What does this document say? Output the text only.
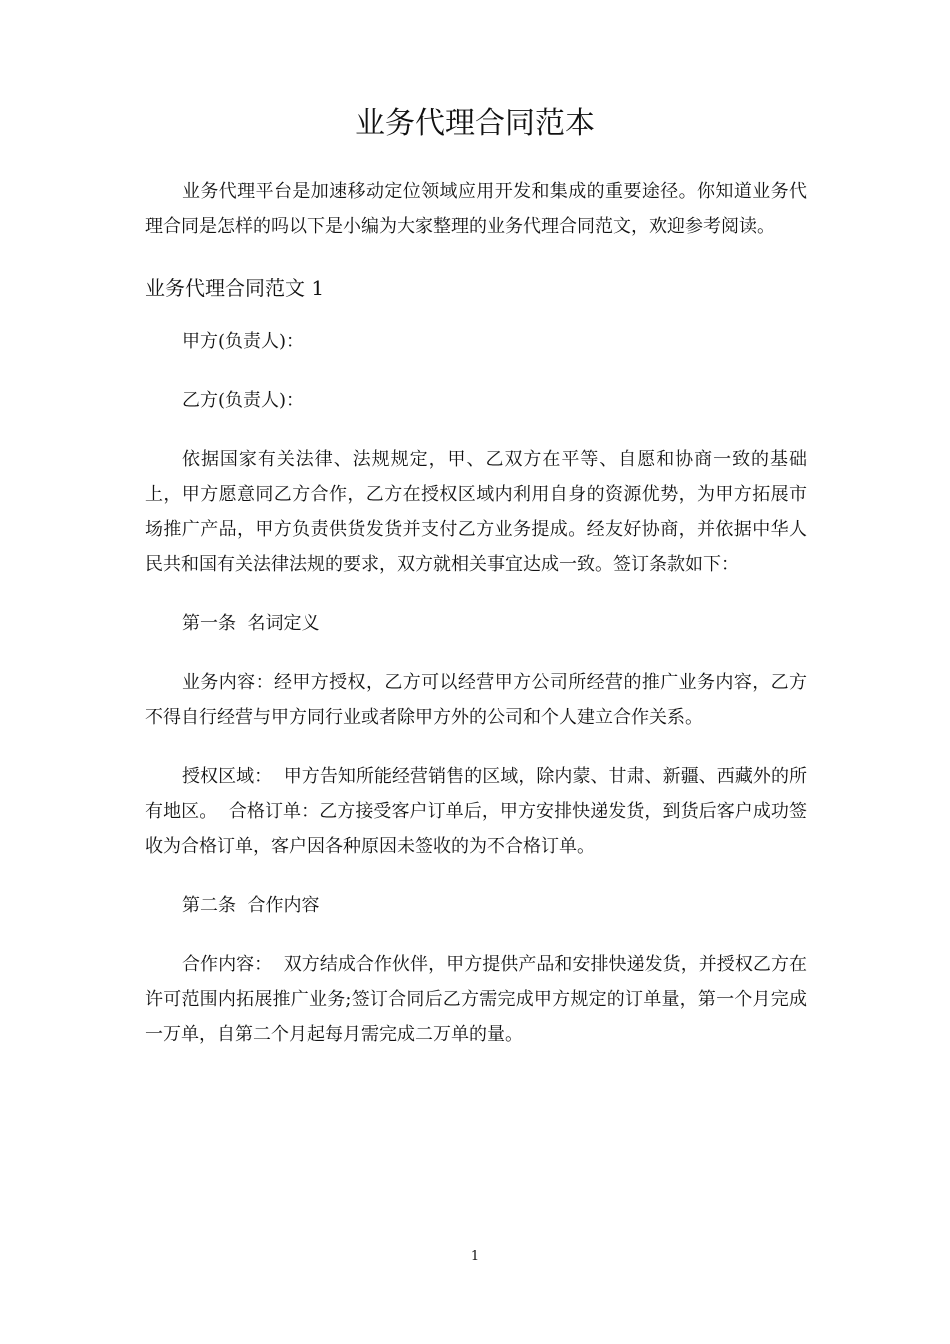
业务代理合同范本

业务代理平台是加速移动定位领域应用开发和集成的重要途径。你知道业务代理合同是怎样的吗以下是小编为大家整理的业务代理合同范文，欢迎参考阅读。

业务代理合同范文 1

甲方(负责人)：

乙方(负责人)：

依据国家有关法律、法规规定，甲、乙双方在平等、自愿和协商一致的基础上，甲方愿意同乙方合作，乙方在授权区域内利用自身的资源优势，为甲方拓展市场推广产品，甲方负责供货发货并支付乙方业务提成。经友好协商，并依据中华人民共和国有关法律法规的要求，双方就相关事宜达成一致。签订条款如下：

第一条  名词定义

业务内容：经甲方授权，乙方可以经营甲方公司所经营的推广业务内容，乙方不得自行经营与甲方同行业或者除甲方外的公司和个人建立合作关系。

授权区域：  甲方告知所能经营销售的区域，除内蒙、甘肃、新疆、西藏外的所有地区。  合格订单：乙方接受客户订单后，甲方安排快递发货，到货后客户成功签收为合格订单，客户因各种原因未签收的为不合格订单。

第二条  合作内容

合作内容：  双方结成合作伙伴，甲方提供产品和安排快递发货，并授权乙方在许可范围内拓展推广业务;签订合同后乙方需完成甲方规定的订单量，第一个月完成一万单，自第二个月起每月需完成二万单的量。

1
